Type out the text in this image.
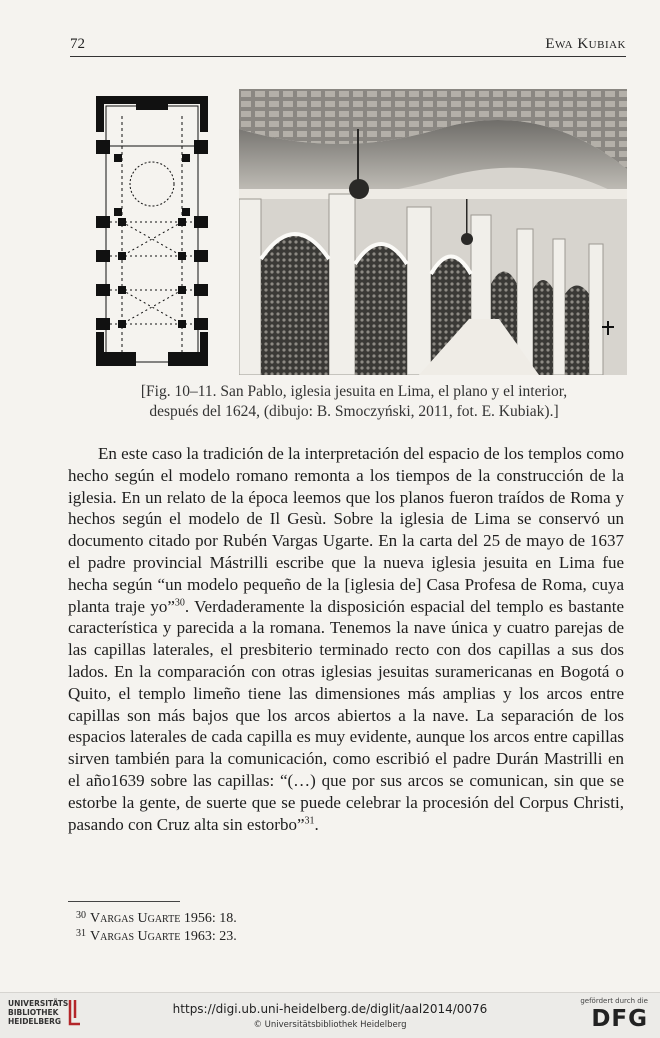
72	Ewa Kubiak
[Fig. 10–11. San Pablo, iglesia jesuita en Lima, el plano y el interior,
después del 1624, (dibujo: B. Smoczyński, 2011, fot. E. Kubiak).]

En este caso la tradición de la interpretación del espacio de los templos como hecho según el modelo romano remonta a los tiempos de la construcción de la iglesia. En un relato de la época leemos que los planos fueron traídos de Roma y hechos según el modelo de Il Gesù. Sobre la iglesia de Lima se conservó un documento citado por Rubén Vargas Ugarte. En la carta del 25 de mayo de 1637 el padre provincial Mástrilli escribe que la nueva iglesia jesuita en Lima fue hecha según “un modelo pequeño de la [iglesia de] Casa Profesa de Roma, cuya planta traje yo”$^{30}$. Verdaderamente la disposición espacial del templo es bastante característica y parecida a la romana. Tenemos la nave única y cuatro parejas de las capillas laterales, el presbiterio terminado recto con dos capillas a sus dos lados. En la comparación con otras iglesias jesuitas suramericanas en Bogotá o Quito, el templo limeño tiene las dimensiones más amplias y los arcos entre capillas son más bajos que los arcos abiertos a la nave. La separación de los espacios laterales de cada capilla es muy evidente, aunque los arcos entre capillas sirven también para la comunicación, como escribió el padre Durán Mastrilli en el año1639 sobre las capillas: “(…) que por sus arcos se comunican, sin que se estorbe la gente, de suerte que se puede celebrar la procesión del Corpus Christi, pasando con Cruz alta sin estorbo”$^{31}$.

30 Vargas Ugarte 1956: 18.
31 Vargas Ugarte 1963: 23.
UNIVERSITÄTS-
BIBLIOTHEK
HEIDELBERG
https://digi.ub.uni-heidelberg.de/diglit/aal2014/0076
© Universitätsbibliothek Heidelberg
gefördert durch die
DFG
